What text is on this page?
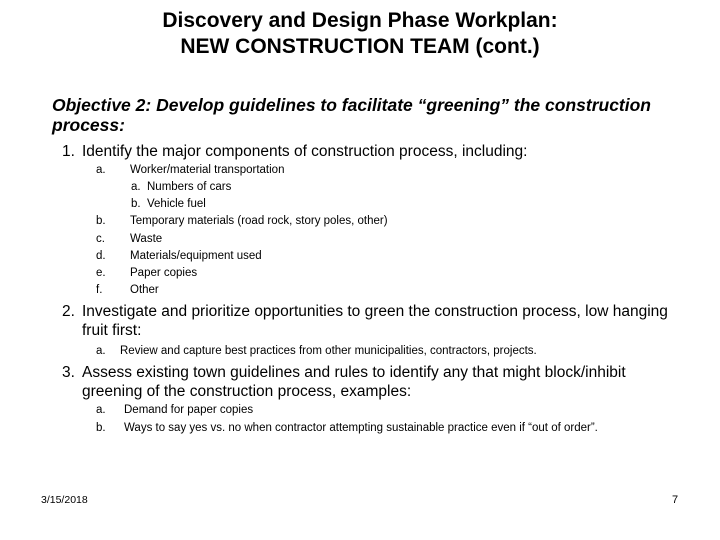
Discovery and Design Phase Workplan:
NEW CONSTRUCTION TEAM (cont.)
Objective 2: Develop guidelines to facilitate “greening” the construction process:
1. Identify the major components of construction process, including:
a. Worker/material transportation
a. Numbers of cars
b. Vehicle fuel
b. Temporary materials (road rock, story poles, other)
c. Waste
d. Materials/equipment used
e. Paper copies
f. Other
2. Investigate and prioritize opportunities to green the construction process, low hanging
fruit first:
a. Review and capture best practices from other municipalities, contractors, projects.
3. Assess existing town guidelines and rules to identify any that might block/inhibit
greening of the construction process, examples:
a. Demand for paper copies
b. Ways to say yes vs. no when contractor attempting sustainable practice even if “out of order”.
3/15/2018	7
